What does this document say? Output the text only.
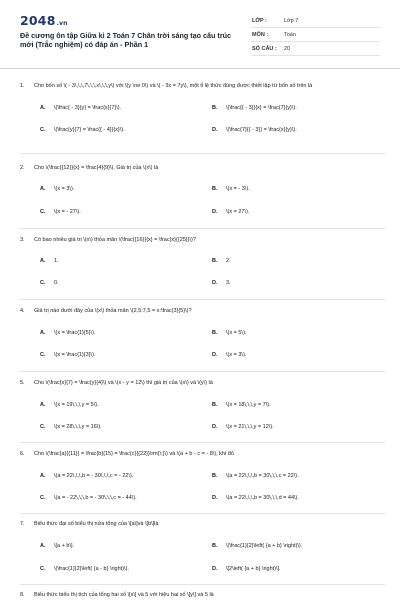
2048.vn
Đề cương ôn tập Giữa kì 2 Toán 7 Chân trời sáng tạo cấu trúc mới (Trắc nghiệm) có đáp án - Phần 1
LỚP :	Lớp 7
MÔN :	Toán
SỐ CÂU :	20
1. Cho bốn số \( - 3\,\,\,7\,\,\,x\,\,\,y\) với \(y \ne 0\) và \( - 3x = 7y\), một tỉ lệ thức đúng được thiết lập từ bốn số trên là
A. \(\frac{ - 3}{y} = \frac{x}{7}\).	B. \(\frac{{ - 3}}{x} = \frac{7}{y}\).
C. \(\frac{y}{7} = \frac{{ - 4}}{x}\).	D. \(\frac{7}{{ - 3}} = \frac{x}{y}\).
2. Cho \(\frac{{12}}{x} = \frac{4}{9}\). Giá trị của \(x\) là
A. \(x = 3\).	B. \(x = - 3\).
C. \(x = - 27\).	D. \(x = 27\).
3. Có bao nhiêu giá trị \(x\) thỏa mãn \(\frac{{16}}{x} = \frac{x}{{25}}\)?
A. 1.	B. 2.
C. 0.	D. 3.
4. Giá trị nào dưới đây của \(x\) thỏa mãn \(2,5:7,5 = x:\frac{3}{5}\)?
A. \(x = \frac{1}{5}\).	B. \(x = 5\).
C. \(x = \frac{1}{3}\).	D. \(x = 3\).
5. Cho \(\frac{x}{7} = \frac{y}{4}\) và \(x - y = 12\) thì giá trị của \(x\) và \(y\) là
A. \(x = 19\,\,\,y = 5\).	B. \(x = 18\,\,\,y = 7\).
C. \(x = 28\,\,\,y = 16\).	D. \(x = 21\,\,\,y = 12\).
6. Cho \(\frac{a}{{11}} = \frac{b}{15} = \frac{c}{{22}}\rm{\;}\) và \(a + b - c = - 8\), khi đó
A. \(a = 22\,\,\,b = - 30\,\,\,c = - 22\).	B. \(a = 22\,\,\,b = 30\,\,\,c = 22\).
C. \(a = - 22\,\,\,b = - 30\,\,\,c = - 44\).	D. \(a = 22\,\,\,b = 30\,\,\,d = 44\).
7. Biểu thức đại số biểu thị nửa tổng của \[a\]và \[b\]là
A. \[a + b\].	B. \(\frac{1}{2}\left( {a + b} \right)\).
C. \(\frac{1}{2}\left( {a - b} \right)\).	D. \[2\left( {a + b} \right)\].
8. Biểu thức biểu thị tích của tổng hai số \[x\] và 5 với hiệu hai số \[y\] và 5 là
